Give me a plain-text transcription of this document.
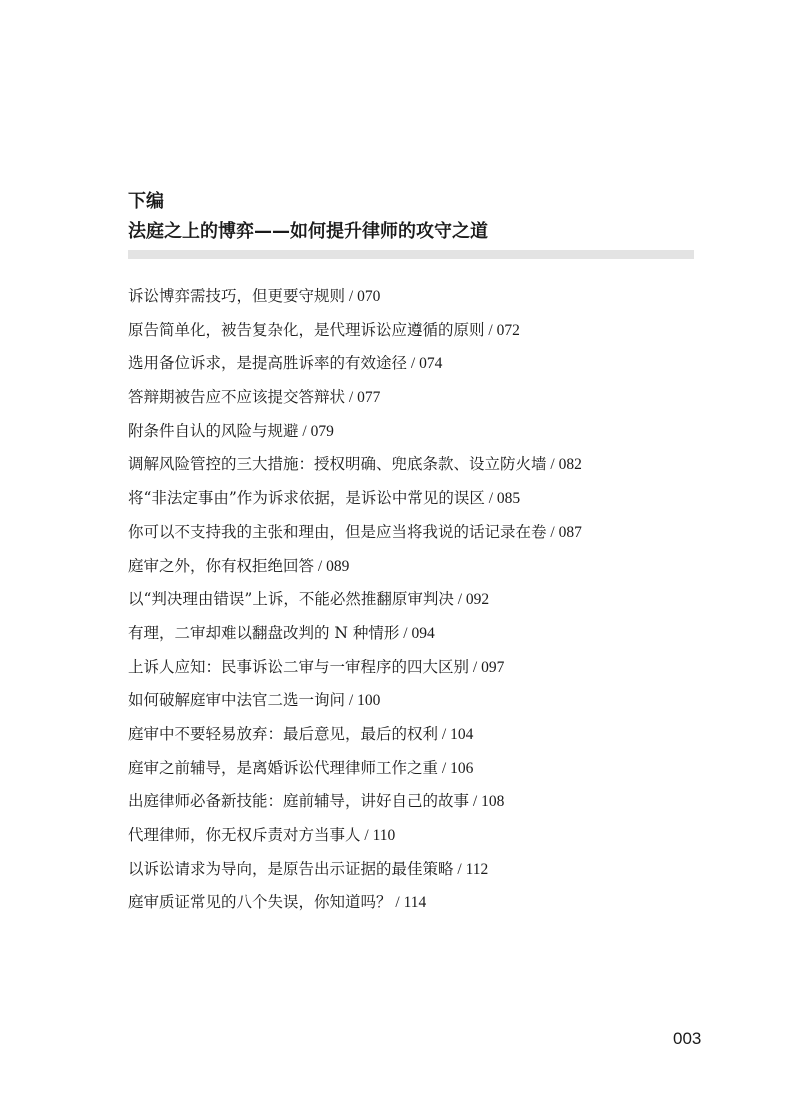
下编
法庭之上的博弈——如何提升律师的攻守之道
诉讼博弈需技巧，但更要守规则 / 070
原告简单化，被告复杂化，是代理诉讼应遵循的原则 / 072
选用备位诉求，是提高胜诉率的有效途径 / 074
答辩期被告应不应该提交答辩状 / 077
附条件自认的风险与规避 / 079
调解风险管控的三大措施：授权明确、兜底条款、设立防火墙 / 082
将“非法定事由”作为诉求依据，是诉讼中常见的误区 / 085
你可以不支持我的主张和理由，但是应当将我说的话记录在卷 / 087
庭审之外，你有权拒绝回答 / 089
以“判决理由错误”上诉，不能必然推翻原审判决 / 092
有理，二审却难以翻盘改判的 N 种情形 / 094
上诉人应知：民事诉讼二审与一审程序的四大区别 / 097
如何破解庭审中法官二选一询问 / 100
庭审中不要轻易放弃：最后意见，最后的权利 / 104
庭审之前辅导，是离婚诉讼代理律师工作之重 / 106
出庭律师必备新技能：庭前辅导，讲好自己的故事 / 108
代理律师，你无权斥责对方当事人 / 110
以诉讼请求为导向，是原告出示证据的最佳策略 / 112
庭审质证常见的八个失误，你知道吗？ / 114
003
